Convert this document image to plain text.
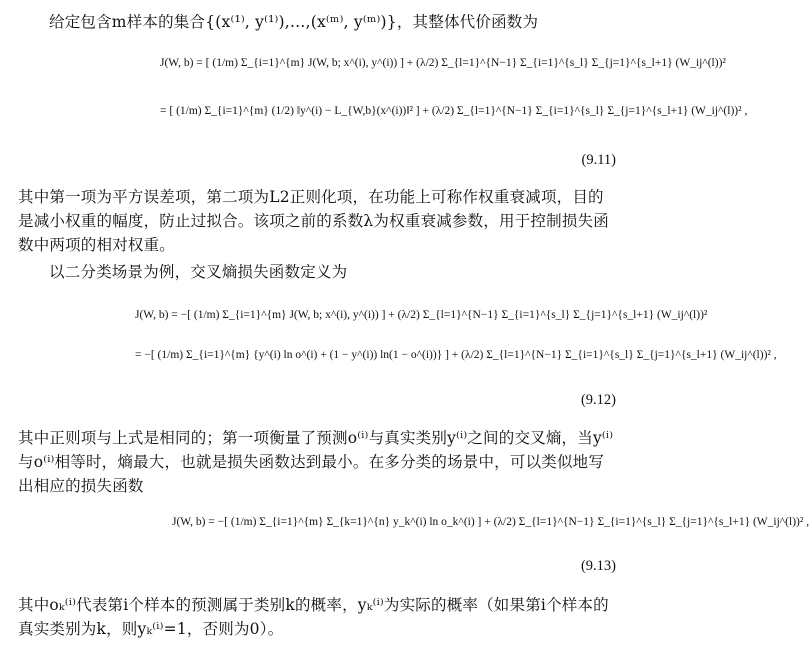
给定包含m样本的集合{(x⁽¹⁾, y⁽¹⁾),…,(x⁽ᵐ⁾, y⁽ᵐ⁾)}，其整体代价函数为
J(W, b) = [ (1/m) Σ_{i=1}^{m} J(W, b; x^(i), y^(i)) ] + (λ/2) Σ_{l=1}^{N−1} Σ_{i=1}^{s_l} Σ_{j=1}^{s_l+1} (W_ij^(l))²
= [ (1/m) Σ_{i=1}^{m} (1/2) ‖y^(i) − L_{W,b}(x^(i))‖² ] + (λ/2) Σ_{l=1}^{N−1} Σ_{i=1}^{s_l} Σ_{j=1}^{s_l+1} (W_ij^(l))² ,
(9.11)
其中第一项为平方误差项，第二项为L2正则化项，在功能上可称作权重衰减项，目的是减小权重的幅度，防止过拟合。该项之前的系数λ为权重衰减参数，用于控制损失函数中两项的相对权重。
以二分类场景为例，交叉熵损失函数定义为
J(W, b) = −[ (1/m) Σ_{i=1}^{m} J(W, b; x^(i), y^(i)) ] + (λ/2) Σ_{l=1}^{N−1} Σ_{i=1}^{s_l} Σ_{j=1}^{s_l+1} (W_ij^(l))²
= −[ (1/m) Σ_{i=1}^{m} {y^(i) ln o^(i) + (1 − y^(i)) ln(1 − o^(i))} ] + (λ/2) Σ_{l=1}^{N−1} Σ_{i=1}^{s_l} Σ_{j=1}^{s_l+1} (W_ij^(l))² ,
(9.12)
其中正则项与上式是相同的；第一项衡量了预测o⁽ⁱ⁾与真实类别y⁽ⁱ⁾之间的交叉熵，当y⁽ⁱ⁾与o⁽ⁱ⁾相等时，熵最大，也就是损失函数达到最小。在多分类的场景中，可以类似地写出相应的损失函数
J(W, b) = −[ (1/m) Σ_{i=1}^{m} Σ_{k=1}^{n} y_k^(i) ln o_k^(i) ] + (λ/2) Σ_{l=1}^{N−1} Σ_{i=1}^{s_l} Σ_{j=1}^{s_l+1} (W_ij^(l))² ,
(9.13)
其中oₖ⁽ⁱ⁾代表第i个样本的预测属于类别k的概率，yₖ⁽ⁱ⁾为实际的概率（如果第i个样本的真实类别为k，则yₖ⁽ⁱ⁾=1，否则为0）。
